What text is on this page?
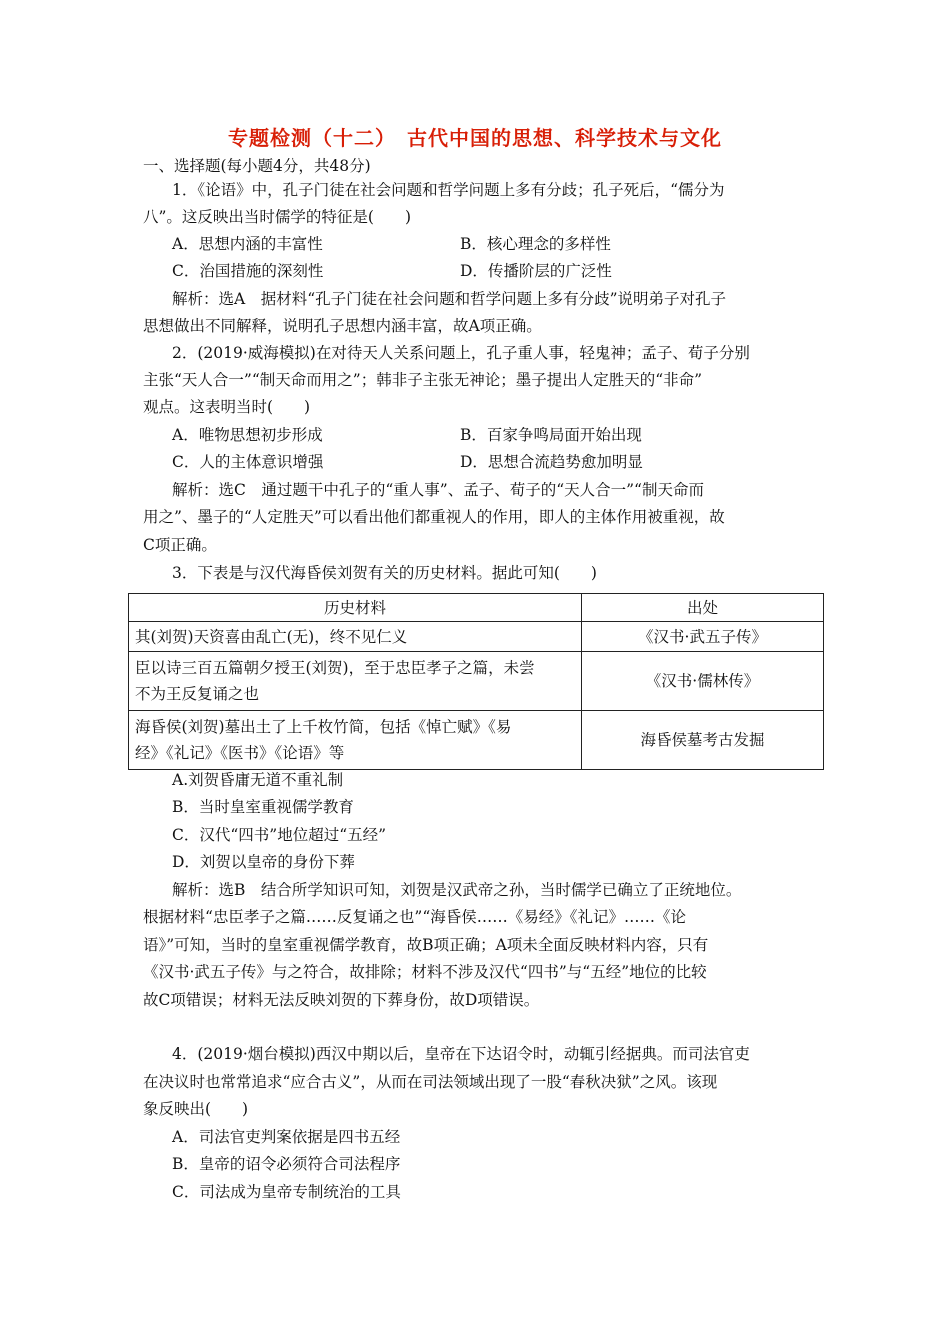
专题检测（十二）　古代中国的思想、科学技术与文化
一、选择题(每小题4分，共48分)
1．《论语》中，孔子门徒在社会问题和哲学问题上多有分歧；孔子死后，“儒分为
八”。这反映出当时儒学的特征是(　　)
A．思想内涵的丰富性	B．核心理念的多样性
C．治国措施的深刻性	D．传播阶层的广泛性
解析：选A　据材料“孔子门徒在社会问题和哲学问题上多有分歧”说明弟子对孔子
思想做出不同解释，说明孔子思想内涵丰富，故A项正确。
2．(2019·威海模拟)在对待天人关系问题上，孔子重人事，轻鬼神；孟子、荀子分别
主张“天人合一”“制天命而用之”；韩非子主张无神论；墨子提出人定胜天的“非命”
观点。这表明当时(　　)
A．唯物思想初步形成	B．百家争鸣局面开始出现
C．人的主体意识增强	D．思想合流趋势愈加明显
解析：选C　通过题干中孔子的“重人事”、孟子、荀子的“天人合一”“制天命而
用之”、墨子的“人定胜天”可以看出他们都重视人的作用，即人的主体作用被重视，故
C项正确。
3．下表是与汉代海昏侯刘贺有关的历史材料。据此可知(　　)
历史材料	出处
其(刘贺)天资喜由乱亡(无)，终不见仁义	《汉书·武五子传》
臣以诗三百五篇朝夕授王(刘贺)，至于忠臣孝子之篇，未尝
不为王反复诵之也	《汉书·儒林传》
海昏侯(刘贺)墓出土了上千枚竹简，包括《悼亡赋》《易
经》《礼记》《医书》《论语》等	海昏侯墓考古发掘
A.刘贺昏庸无道不重礼制
B．当时皇室重视儒学教育
C．汉代“四书”地位超过“五经”
D．刘贺以皇帝的身份下葬
解析：选B　结合所学知识可知，刘贺是汉武帝之孙，当时儒学已确立了正统地位。
根据材料“忠臣孝子之篇……反复诵之也”“海昏侯……《易经》《礼记》……《论
语》”可知，当时的皇室重视儒学教育，故B项正确；A项未全面反映材料内容，只有
《汉书·武五子传》与之符合，故排除；材料不涉及汉代“四书”与“五经”地位的比较
故C项错误；材料无法反映刘贺的下葬身份，故D项错误。
4．(2019·烟台模拟)西汉中期以后，皇帝在下达诏令时，动辄引经据典。而司法官吏
在决议时也常常追求“应合古义”，从而在司法领域出现了一股“春秋决狱”之风。该现
象反映出(　　)
A．司法官吏判案依据是四书五经
B．皇帝的诏令必须符合司法程序
C．司法成为皇帝专制统治的工具
